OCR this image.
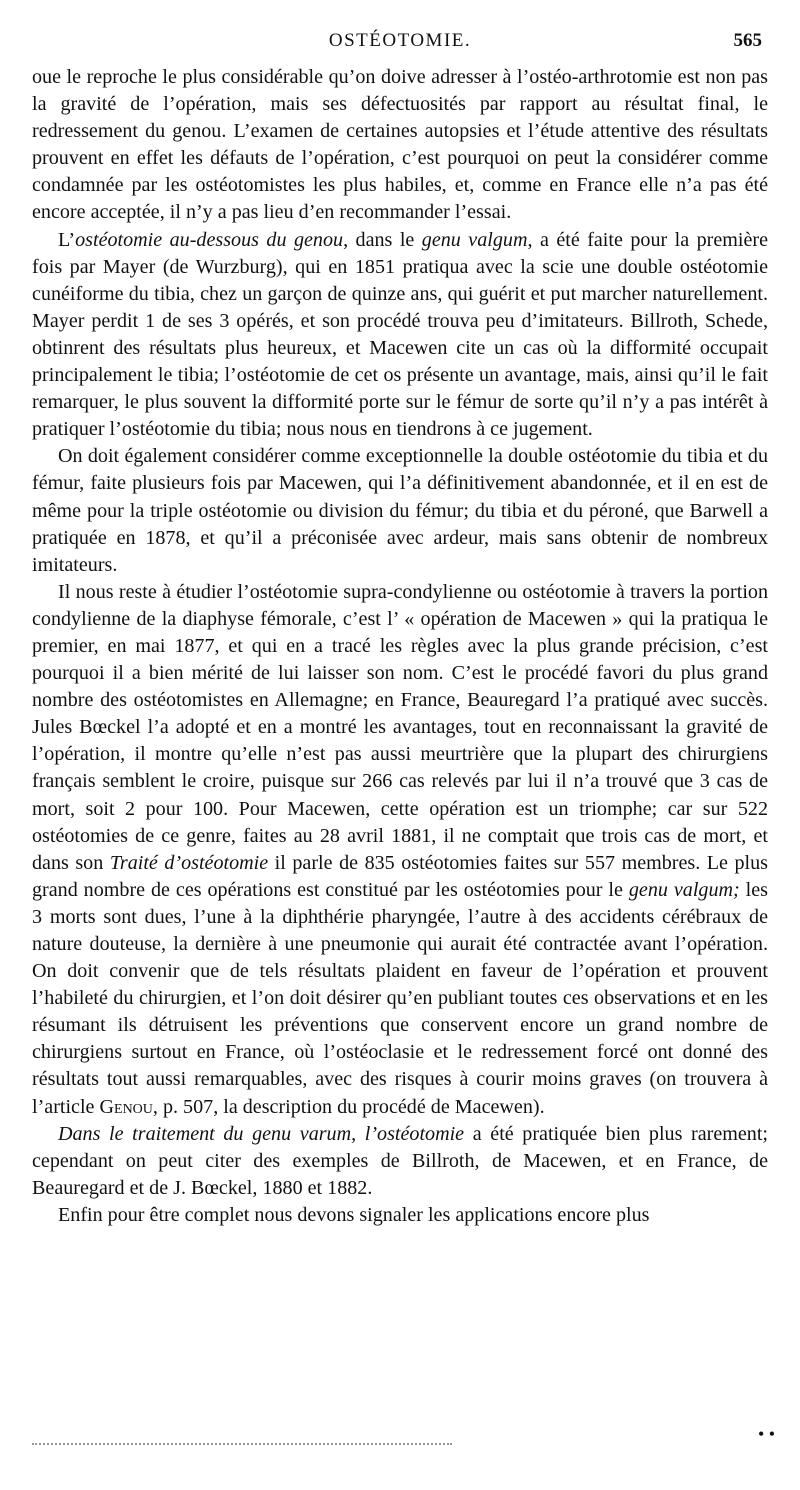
OSTÉOTOMIE.	565

oue le reproche le plus considérable qu’on doive adresser à l’ostéo-arthrotomie est non pas la gravité de l’opération, mais ses défectuosités par rapport au résultat final, le redressement du genou. L’examen de certaines autopsies et l’étude attentive des résultats prouvent en effet les défauts de l’opération, c’est pourquoi on peut la considérer comme condamnée par les ostéotomistes les plus habiles, et, comme en France elle n’a pas été encore acceptée, il n’y a pas lieu d’en recommander l’essai.

L’ostéotomie au-dessous du genou, dans le genu valgum, a été faite pour la première fois par Mayer (de Wurzburg), qui en 1851 pratiqua avec la scie une double ostéotomie cunéiforme du tibia, chez un garçon de quinze ans, qui guérit et put marcher naturellement. Mayer perdit 1 de ses 3 opérés, et son procédé trouva peu d’imitateurs. Billroth, Schede, obtinrent des résultats plus heureux, et Macewen cite un cas où la difformité occupait principalement le tibia; l’ostéotomie de cet os présente un avantage, mais, ainsi qu’il le fait remarquer, le plus souvent la difformité porte sur le fémur de sorte qu’il n’y a pas intérêt à pratiquer l’ostéotomie du tibia; nous nous en tiendrons à ce jugement.

On doit également considérer comme exceptionnelle la double ostéotomie du tibia et du fémur, faite plusieurs fois par Macewen, qui l’a définitivement abandonnée, et il en est de même pour la triple ostéotomie ou division du fémur; du tibia et du péroné, que Barwell a pratiquée en 1878, et qu’il a préconisée avec ardeur, mais sans obtenir de nombreux imitateurs.

Il nous reste à étudier l’ostéotomie supra-condylienne ou ostéotomie à travers la portion condylienne de la diaphyse fémorale, c’est l’ « opération de Macewen » qui la pratiqua le premier, en mai 1877, et qui en a tracé les règles avec la plus grande précision, c’est pourquoi il a bien mérité de lui laisser son nom. C’est le procédé favori du plus grand nombre des ostéotomistes en Allemagne; en France, Beauregard l’a pratiqué avec succès. Jules Bœckel l’a adopté et en a montré les avantages, tout en reconnaissant la gravité de l’opération, il montre qu’elle n’est pas aussi meurtrière que la plupart des chirurgiens français semblent le croire, puisque sur 266 cas relevés par lui il n’a trouvé que 3 cas de mort, soit 2 pour 100. Pour Macewen, cette opération est un triomphe; car sur 522 ostéotomies de ce genre, faites au 28 avril 1881, il ne comptait que trois cas de mort, et dans son Traité d’ostéotomie il parle de 835 ostéotomies faites sur 557 membres. Le plus grand nombre de ces opérations est constitué par les ostéotomies pour le genu valgum; les 3 morts sont dues, l’une à la diphthérie pharyngée, l’autre à des accidents cérébraux de nature douteuse, la dernière à une pneumonie qui aurait été contractée avant l’opération. On doit convenir que de tels résultats plaident en faveur de l’opération et prouvent l’habileté du chirurgien, et l’on doit désirer qu’en publiant toutes ces observations et en les résumant ils détruisent les préventions que conservent encore un grand nombre de chirurgiens surtout en France, où l’ostéoclasie et le redressement forcé ont donné des résultats tout aussi remarquables, avec des risques à courir moins graves (on trouvera à l’article Genou, p. 507, la description du procédé de Macewen).

Dans le traitement du genu varum, l’ostéotomie a été pratiquée bien plus rarement; cependant on peut citer des exemples de Billroth, de Macewen, et en France, de Beauregard et de J. Bœckel, 1880 et 1882.

Enfin pour être complet nous devons signaler les applications encore plus

• •
